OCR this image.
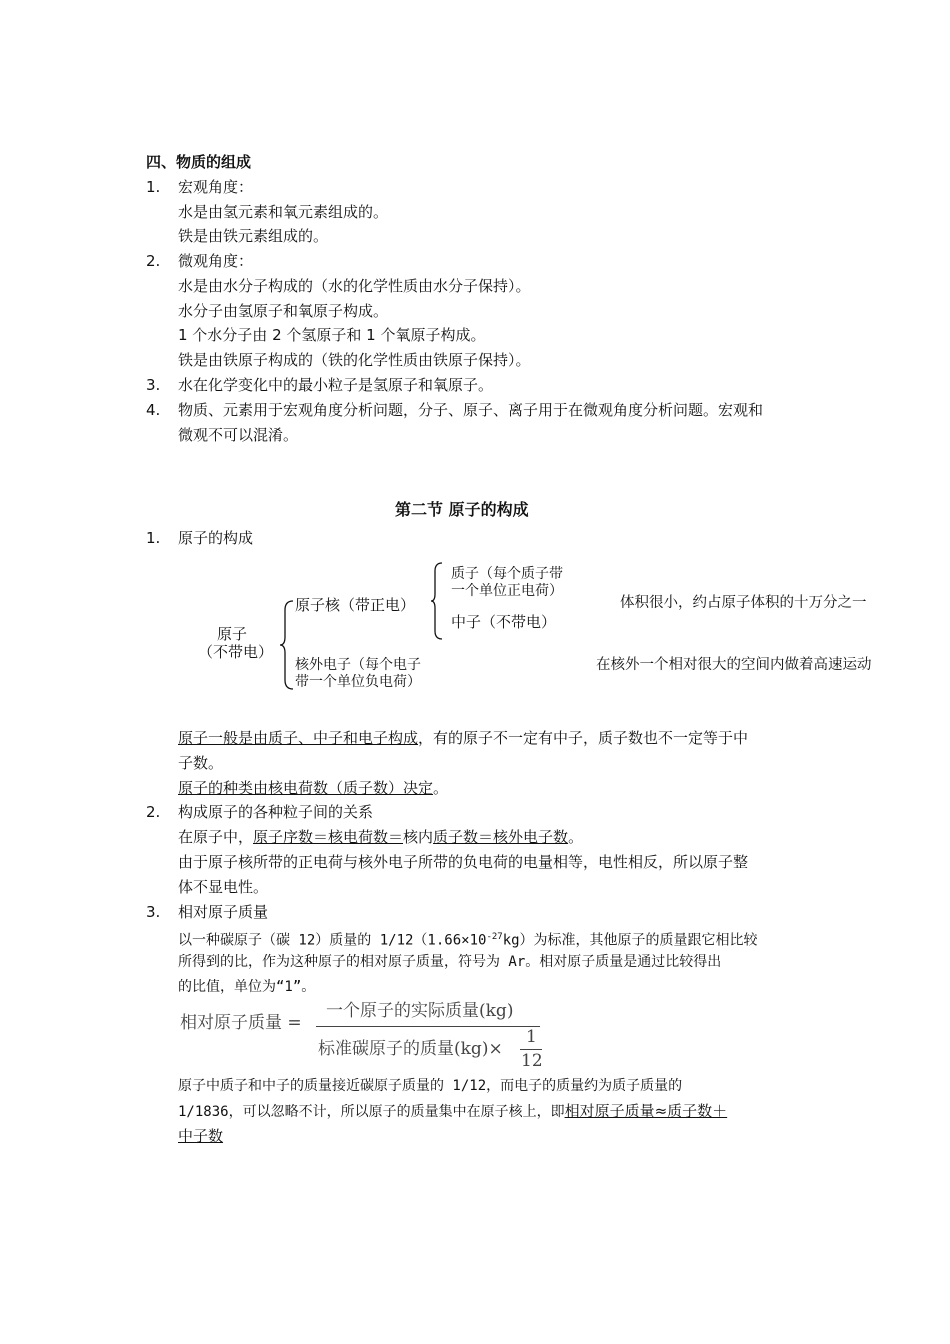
四、物质的组成
1. 宏观角度：
水是由氢元素和氧元素组成的。
铁是由铁元素组成的。
2. 微观角度：
水是由水分子构成的（水的化学性质由水分子保持）。
水分子由氢原子和氧原子构成。
1 个水分子由 2 个氢原子和 1 个氧原子构成。
铁是由铁原子构成的（铁的化学性质由铁原子保持）。
3. 水在化学变化中的最小粒子是氢原子和氧原子。
4. 物质、元素用于宏观角度分析问题，分子、原子、离子用于在微观角度分析问题。宏观和
微观不可以混淆。
第二节 原子的构成
1. 原子的构成
原子
（不带电）
原子核（带正电）
质子（每个质子带
一个单位正电荷）
中子（不带电）
核外电子（每个电子
带一个单位负电荷）
体积很小，约占原子体积的十万分之一
在核外一个相对很大的空间内做着高速运动
原子一般是由质子、中子和电子构成，有的原子不一定有中子，质子数也不一定等于中
子数。
原子的种类由核电荷数（质子数）决定。
2. 构成原子的各种粒子间的关系
在原子中，原子序数＝核电荷数＝核内质子数＝核外电子数。
由于原子核所带的正电荷与核外电子所带的负电荷的电量相等，电性相反，所以原子整
体不显电性。
3. 相对原子质量
以一种碳原子（碳 12）质量的 $1/12(1.66\times 10^{-27}kg)$为标准，其他原子的质量跟它相比较
所得到的比，作为这种原子的相对原子质量，符号为 Ar。相对原子质量是通过比较得出
的比值，单位为“1”。
相对原子质量 =
一个原子的实际质量(kg)
标准碳原子的质量(kg)×
1
12
原子中质子和中子的质量接近碳原子质量的 1/12，而电子的质量约为质子质量的
1/1836，可以忽略不计，所以原子的质量集中在原子核上，即相对原子质量≈质子数＋
中子数
